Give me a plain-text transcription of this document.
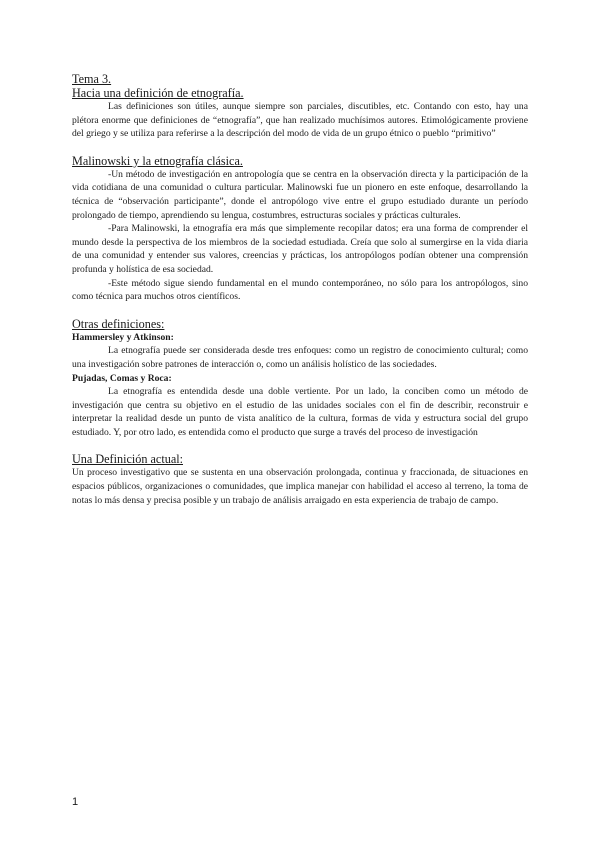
Tema 3.
Hacia una definición de etnografía.

Las definiciones son útiles, aunque siempre son parciales, discutibles, etc. Contando con esto, hay una plétora enorme que definiciones de “etnografía”, que han realizado muchísimos autores. Etimológicamente proviene del griego y se utiliza para referirse a la descripción del modo de vida de un grupo étnico o pueblo “primitivo”

Malinowski y la etnografía clásica.

-Un método de investigación en antropología que se centra en la observación directa y la participación de la vida cotidiana de una comunidad o cultura particular. Malinowski fue un pionero en este enfoque, desarrollando la técnica de “observación participante”, donde el antropólogo vive entre el grupo estudiado durante un período prolongado de tiempo, aprendiendo su lengua, costumbres, estructuras sociales y prácticas culturales.

-Para Malinowski, la etnografía era más que simplemente recopilar datos; era una forma de comprender el mundo desde la perspectiva de los miembros de la sociedad estudiada. Creía que solo al sumergirse en la vida diaria de una comunidad y entender sus valores, creencias y prácticas, los antropólogos podían obtener una comprensión profunda y holística de esa sociedad.

-Este método sigue siendo fundamental en el mundo contemporáneo, no sólo para los antropólogos, sino como técnica para muchos otros científicos.

Otras definiciones:

Hammersley y Atkinson:

La etnografía puede ser considerada desde tres enfoques: como un registro de conocimiento cultural; como una investigación sobre patrones de interacción o, como un análisis holístico de las sociedades.

Pujadas, Comas y Roca:

La etnografía es entendida desde una doble vertiente. Por un lado, la conciben como un método de investigación que centra su objetivo en el estudio de las unidades sociales con el fin de describir, reconstruir e interpretar la realidad desde un punto de vista analítico de la cultura, formas de vida y estructura social del grupo estudiado. Y, por otro lado, es entendida como el producto que surge a través del proceso de investigación

Una Definición actual:

Un proceso investigativo que se sustenta en una observación prolongada, continua y fraccionada, de situaciones en espacios públicos, organizaciones o comunidades, que implica manejar con habilidad el acceso al terreno, la toma de notas lo más densa y precisa posible y un trabajo de análisis arraigado en esta experiencia de trabajo de campo.

1
